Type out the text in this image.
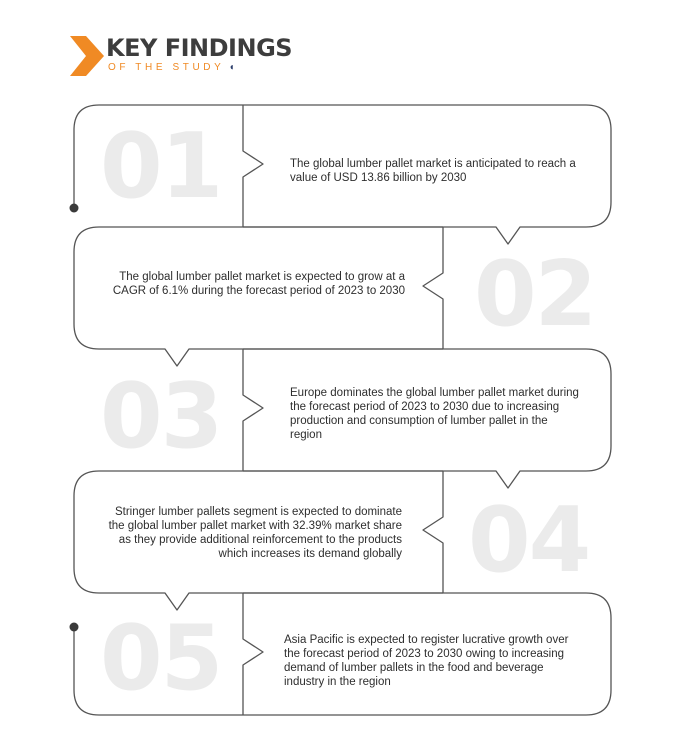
KEY FINDINGS
OF THE STUDY ◖
01	The global lumber pallet market is anticipated to reach a value of USD 13.86 billion by 2030

02

The global lumber pallet market is expected to grow at a CAGR of 6.1% during the forecast period of 2023 to 2030

03	Europe dominates the global lumber pallet market during the forecast period of 2023 to 2030 due to increasing production and consumption of lumber pallet in the region

04

Stringer lumber pallets segment is expected to dominate the global lumber pallet market with 32.39% market share as they provide additional reinforcement to the products which increases its demand globally

05	Asia Pacific is expected to register lucrative growth over the forecast period of 2023 to 2030 owing to increasing demand of lumber pallets in the food and beverage industry in the region
